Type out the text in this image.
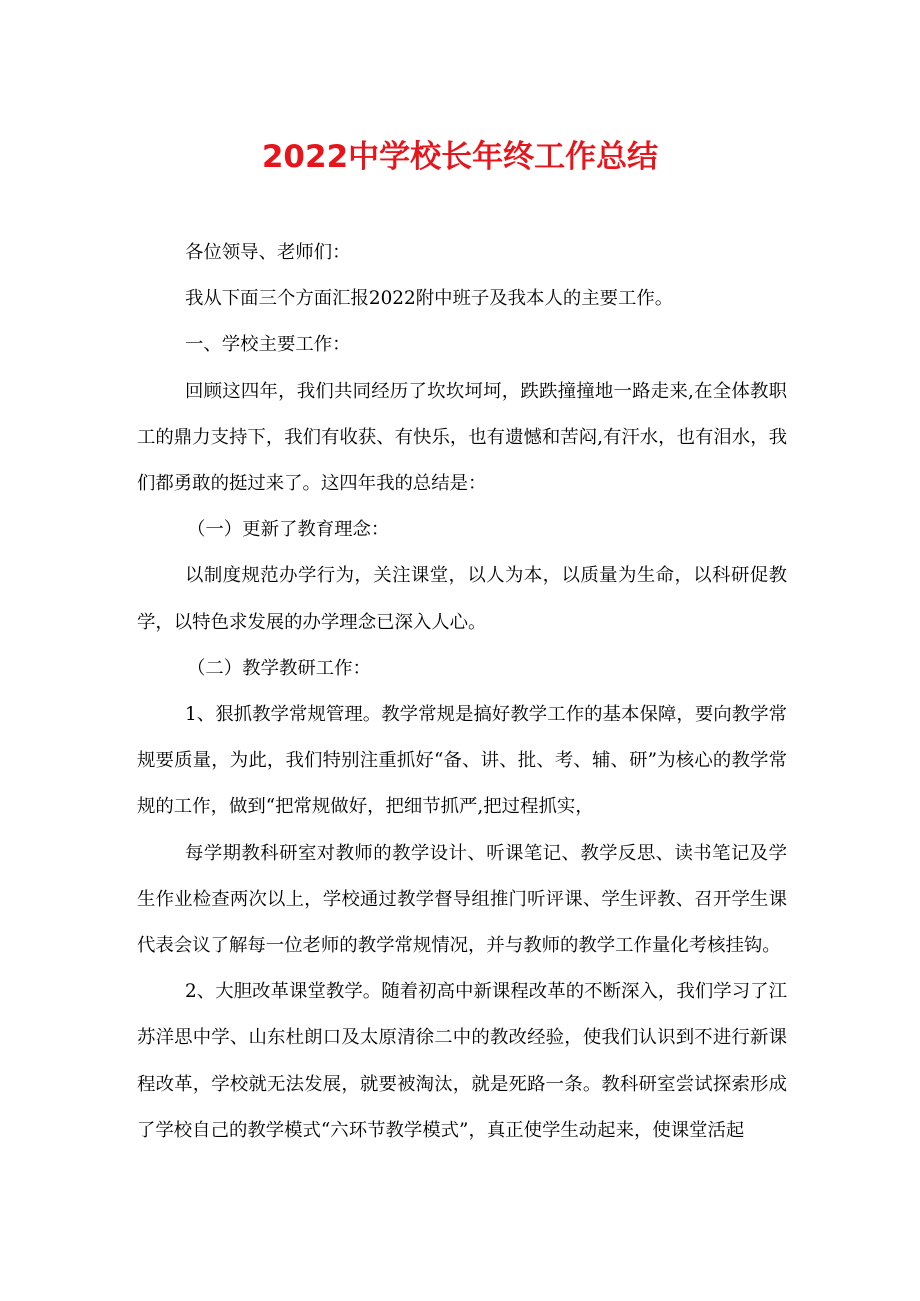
2022中学校长年终工作总结

各位领导、老师们：

我从下面三个方面汇报2022附中班子及我本人的主要工作。

一、学校主要工作：

回顾这四年，我们共同经历了坎坎坷坷，跌跌撞撞地一路走来,在全体教职工的鼎力支持下，我们有收获、有快乐，也有遗憾和苦闷,有汗水，也有泪水，我们都勇敢的挺过来了。这四年我的总结是：

（一）更新了教育理念：

以制度规范办学行为，关注课堂，以人为本，以质量为生命，以科研促教学，以特色求发展的办学理念已深入人心。

（二）教学教研工作：

1、狠抓教学常规管理。教学常规是搞好教学工作的基本保障，要向教学常规要质量，为此，我们特别注重抓好“备、讲、批、考、辅、研”为核心的教学常规的工作，做到“把常规做好，把细节抓严,把过程抓实，

每学期教科研室对教师的教学设计、听课笔记、教学反思、读书笔记及学生作业检查两次以上，学校通过教学督导组推门听评课、学生评教、召开学生课代表会议了解每一位老师的教学常规情况，并与教师的教学工作量化考核挂钩。

2、大胆改革课堂教学。随着初高中新课程改革的不断深入，我们学习了江苏洋思中学、山东杜朗口及太原清徐二中的教改经验，使我们认识到不进行新课程改革，学校就无法发展，就要被淘汰，就是死路一条。教科研室尝试探索形成了学校自己的教学模式“六环节教学模式”，真正使学生动起来，使课堂活起
